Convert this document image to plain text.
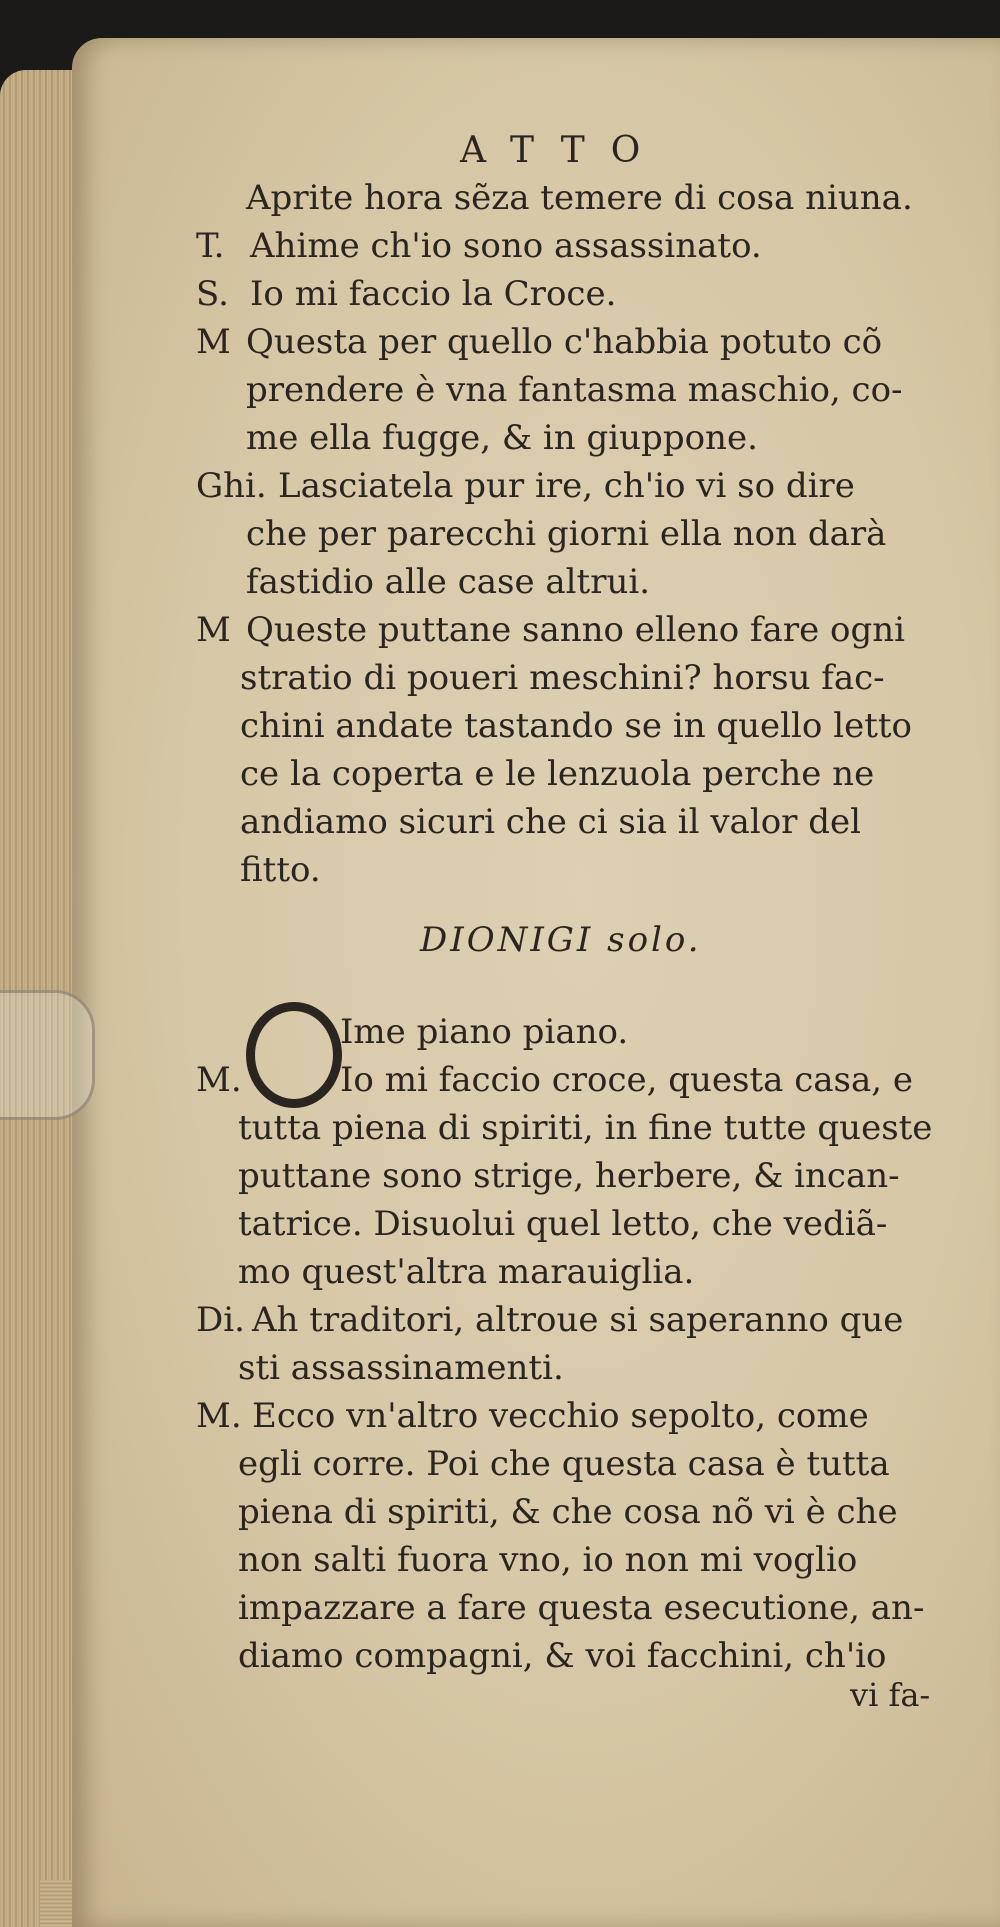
ATTO
Aprite hora sẽza temere di cosa niuna.
T. Ahime ch'io sono assassinato.
S. Io mi faccio la Croce.
M Questa per quello c'habbia potuto cõ
prendere è vna fantasma maschio, co-
me ella fugge, & in giuppone.
Ghi. Lasciatela pur ire, ch'io vi so dire
che per parecchi giorni ella non darà
fastidio alle case altrui.
M Queste puttane sanno elleno fare ogni
stratio di poueri meschini? horsu fac-
chini andate tastando se in quello letto
ce la coperta e le lenzuola perche ne
andiamo sicuri che ci sia il valor del
fitto.
DIONIGI solo.
Ime piano piano.
M.	Io mi faccio croce, questa casa, e
tutta piena di spiriti, in fine tutte queste
puttane sono strige, herbere, & incan-
tatrice. Disuolui quel letto, che vediã-
mo quest'altra marauiglia.
Di. Ah traditori, altroue si saperanno que
sti assassinamenti.
M. Ecco vn'altro vecchio sepolto, come
egli corre. Poi che questa casa è tutta
piena di spiriti, & che cosa nõ vi è che
non salti fuora vno, io non mi voglio
impazzare a fare questa esecutione, an-
diamo compagni, & voi facchini, ch'io
vi fa-
